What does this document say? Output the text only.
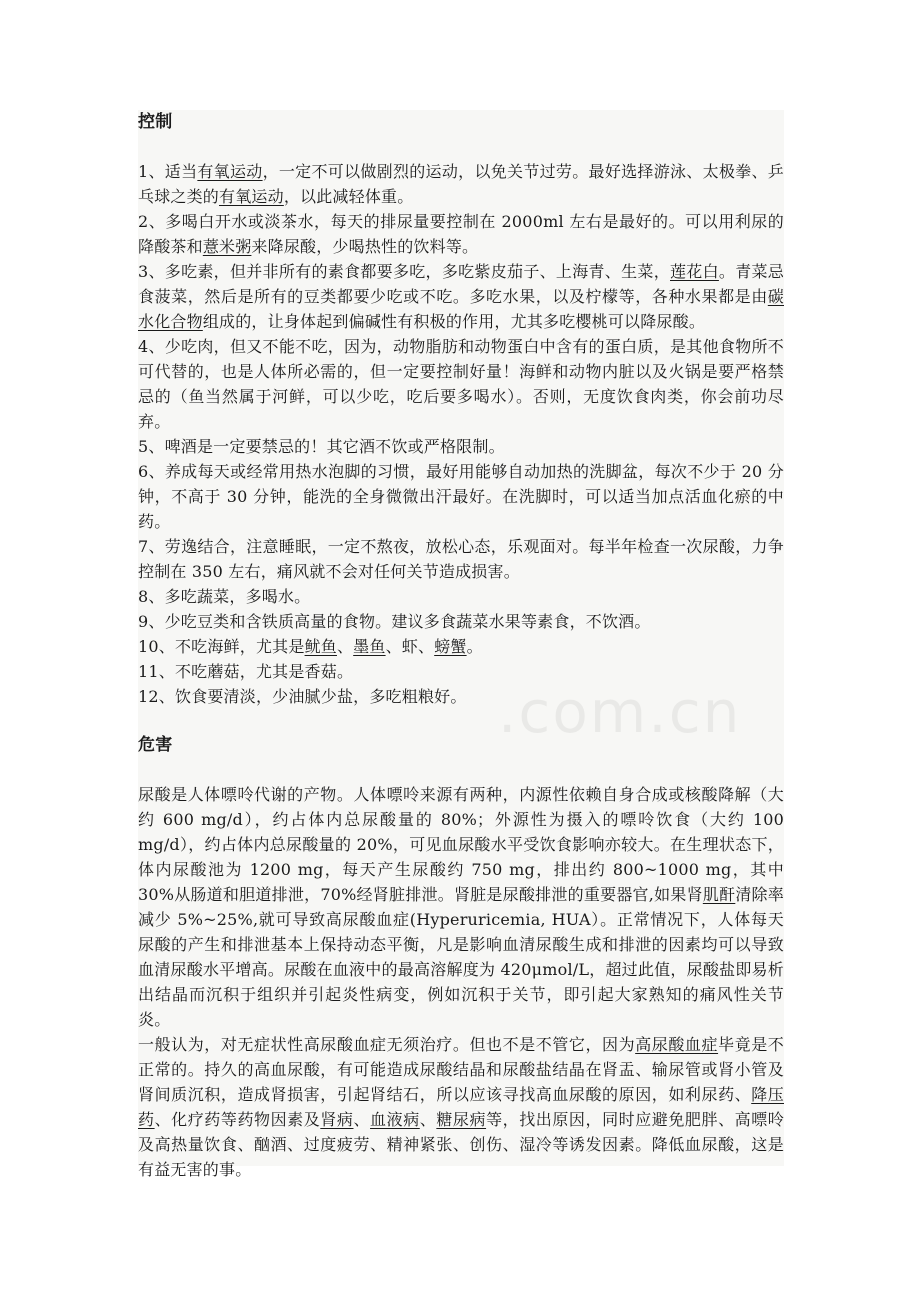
.com.cn
控制

1、适当有氧运动，一定不可以做剧烈的运动，以免关节过劳。最好选择游泳、太极拳、乒乓球之类的有氧运动，以此减轻体重。

2、多喝白开水或淡茶水，每天的排尿量要控制在 2000ml 左右是最好的。可以用利尿的降酸茶和薏米粥来降尿酸，少喝热性的饮料等。

3、多吃素，但并非所有的素食都要多吃，多吃紫皮茄子、上海青、生菜，莲花白。青菜忌食菠菜，然后是所有的豆类都要少吃或不吃。多吃水果，以及柠檬等，各种水果都是由碳水化合物组成的，让身体起到偏碱性有积极的作用，尤其多吃樱桃可以降尿酸。

4、少吃肉，但又不能不吃，因为，动物脂肪和动物蛋白中含有的蛋白质，是其他食物所不可代替的，也是人体所必需的，但一定要控制好量！海鲜和动物内脏以及火锅是要严格禁忌的（鱼当然属于河鲜，可以少吃，吃后要多喝水）。否则，无度饮食肉类，你会前功尽弃。

5、啤酒是一定要禁忌的！其它酒不饮或严格限制。

6、养成每天或经常用热水泡脚的习惯，最好用能够自动加热的洗脚盆，每次不少于 20 分钟，不高于 30 分钟，能洗的全身微微出汗最好。在洗脚时，可以适当加点活血化瘀的中药。

7、劳逸结合，注意睡眠，一定不熬夜，放松心态，乐观面对。每半年检查一次尿酸，力争控制在 350 左右，痛风就不会对任何关节造成损害。

8、多吃蔬菜，多喝水。

9、少吃豆类和含铁质高量的食物。建议多食蔬菜水果等素食，不饮酒。

10、不吃海鲜，尤其是鱿鱼、墨鱼、虾、螃蟹。

11、不吃蘑菇，尤其是香菇。

12、饮食要清淡，少油腻少盐，多吃粗粮好。

危害

尿酸是人体嘌呤代谢的产物。人体嘌呤来源有两种，内源性依赖自身合成或核酸降解（大约 600 mg/d），约占体内总尿酸量的 80%；外源性为摄入的嘌呤饮食（大约 100 mg/d），约占体内总尿酸量的 20%，可见血尿酸水平受饮食影响亦较大。在生理状态下，体内尿酸池为 1200 mg，每天产生尿酸约 750 mg，排出约 800~1000 mg，其中 30%从肠道和胆道排泄，70%经肾脏排泄。肾脏是尿酸排泄的重要器官,如果肾肌酐清除率减少 5%~25%,就可导致高尿酸血症(Hyperuricemia, HUA）。正常情况下，人体每天尿酸的产生和排泄基本上保持动态平衡，凡是影响血清尿酸生成和排泄的因素均可以导致血清尿酸水平增高。尿酸在血液中的最高溶解度为 420μmol/L，超过此值，尿酸盐即易析出结晶而沉积于组织并引起炎性病变，例如沉积于关节，即引起大家熟知的痛风性关节炎。

一般认为，对无症状性高尿酸血症无须治疗。但也不是不管它，因为高尿酸血症毕竟是不正常的。持久的高血尿酸，有可能造成尿酸结晶和尿酸盐结晶在肾盂、输尿管或肾小管及肾间质沉积，造成肾损害，引起肾结石，所以应该寻找高血尿酸的原因，如利尿药、降压药、化疗药等药物因素及肾病、血液病、糖尿病等，找出原因，同时应避免肥胖、高嘌呤及高热量饮食、酗酒、过度疲劳、精神紧张、创伤、湿冷等诱发因素。降低血尿酸，这是有益无害的事。
